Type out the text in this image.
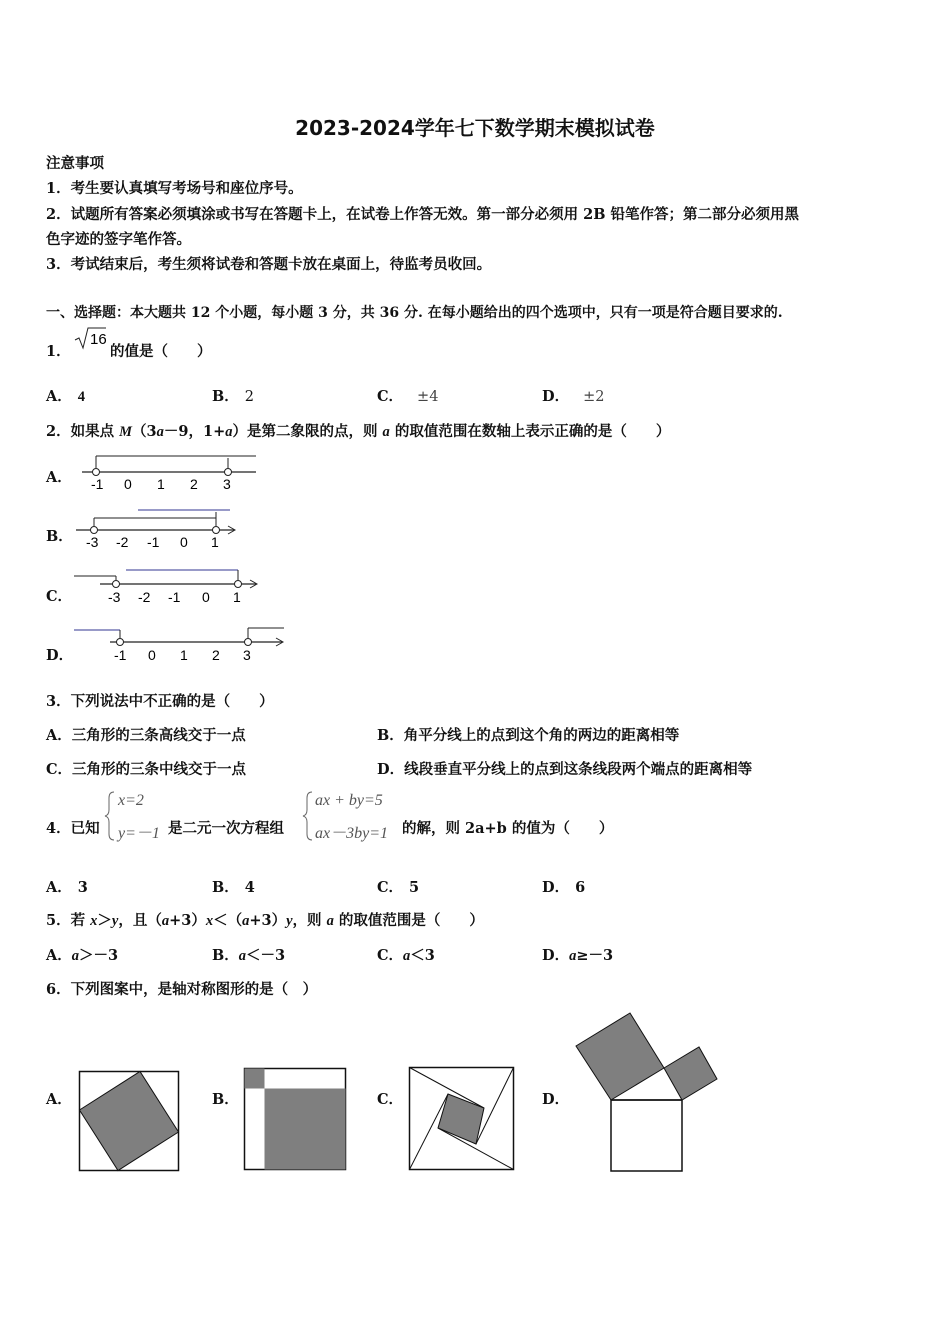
2023-2024学年七下数学期末模拟试卷
注意事项
1．考生要认真填写考场号和座位序号。
2．试题所有答案必须填涂或书写在答题卡上，在试卷上作答无效。第一部分必须用 2B 铅笔作答；第二部分必须用黑
色字迹的签字笔作答。
3．考试结束后，考生须将试卷和答题卡放在桌面上，待监考员收回。
一、选择题：本大题共 12 个小题，每小题 3 分，共 36 分. 在每小题给出的四个选项中，只有一项是符合题目要求的.
1．
16
的值是（　　）
A． 4	B． 2	C． ±4	D． ±2
2．如果点 M（3a－9，1+a）是第二象限的点，则 a 的取值范围在数轴上表示正确的是（　　）
A． -1 0 1 2 3
B． -3 -2 -1 0 1
C．	-3 -2 -1 0 1
D．	-1 0 1 2 3
3．下列说法中不正确的是（　　）
A．三角形的三条高线交于一点	B．角平分线上的点到这个角的两边的距离相等
C．三角形的三条中线交于一点	D．线段垂直平分线上的点到这条线段两个端点的距离相等
4．已知
x=2
y=－1 是二元一次方程组
ax + by=5
ax－3by=1 的解，则 2a+b 的值为（　　）
A． 3	B． 4	C． 5	D． 6
5．若 x＞y，且（a+3）x＜（a+3）y，则 a 的取值范围是（　　）
A．a＞－3	B．a＜－3	C．a＜3	D．a≥－3
6．下列图案中，是轴对称图形的是（　）
A．	B．	C．	D．
